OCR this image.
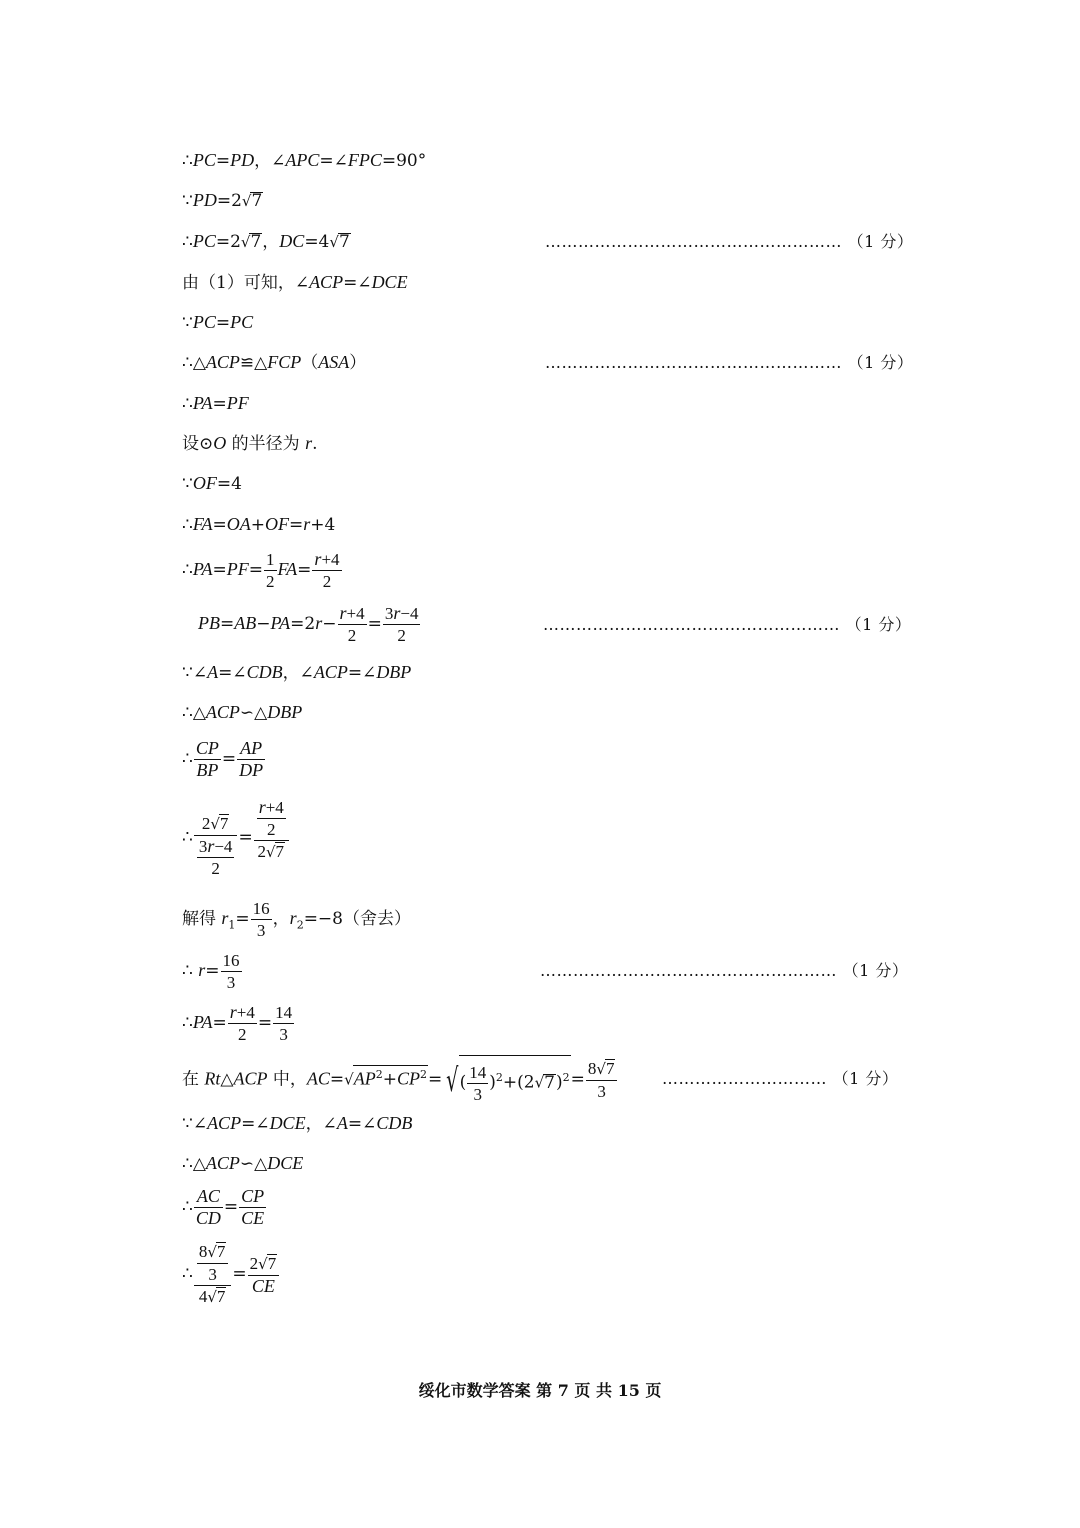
∴PC=PD，∠APC=∠FPC=90°
∵PD=2√7
∴PC=2√7，DC=4√7	……………………………………………… （1 分）
由（1）可知，∠ACP=∠DCE
∵PC=PC
∴△ACP≌△FCP（ASA）	……………………………………………… （1 分）
∴PA=PF
设⊙O 的半径为 r.
∵OF=4
∴FA=OA+OF=r+4
∴PA=PF= $\frac{1}{2} FA= \frac{r+4}{2}$
$PB=AB-PA=2r- \frac{r+4}{2} = \frac{3r-4}{2}$	……………………………………………… （1 分）
∵∠A=∠CDB，∠ACP=∠DBP
∴△ACP∽△DBP
∴ $\frac{CP}{BP} = \frac{AP}{DP}$
∴ $\frac{2√7}{\frac{3r-4}{2}} = \frac{\frac{r+4}{2}}{2√7}$
解得 $r_1= \frac{16}{3}$ ，$r_2=-8$（舍去）
∴ $r= \frac{16}{3}$	……………………………………………… （1 分）
∴PA= $\frac{r+4}{2} = \frac{14}{3}$
在 Rt△ACP 中，$AC=√AP^2+CP^2=$ √( $\frac{14}{3} )^2+(2√7)^2= \frac{8√7}{3}$	………………………… （1 分）
∵∠ACP=∠DCE，∠A=∠CDB
∴△ACP∽△DCE
∴ $\frac{AC}{CD} = \frac{CP}{CE}$
∴ $\frac{\frac{8√7}{3}}{4√7} = \frac{2√7}{CE}$
绥化市数学答案 第 7 页 共 15 页
